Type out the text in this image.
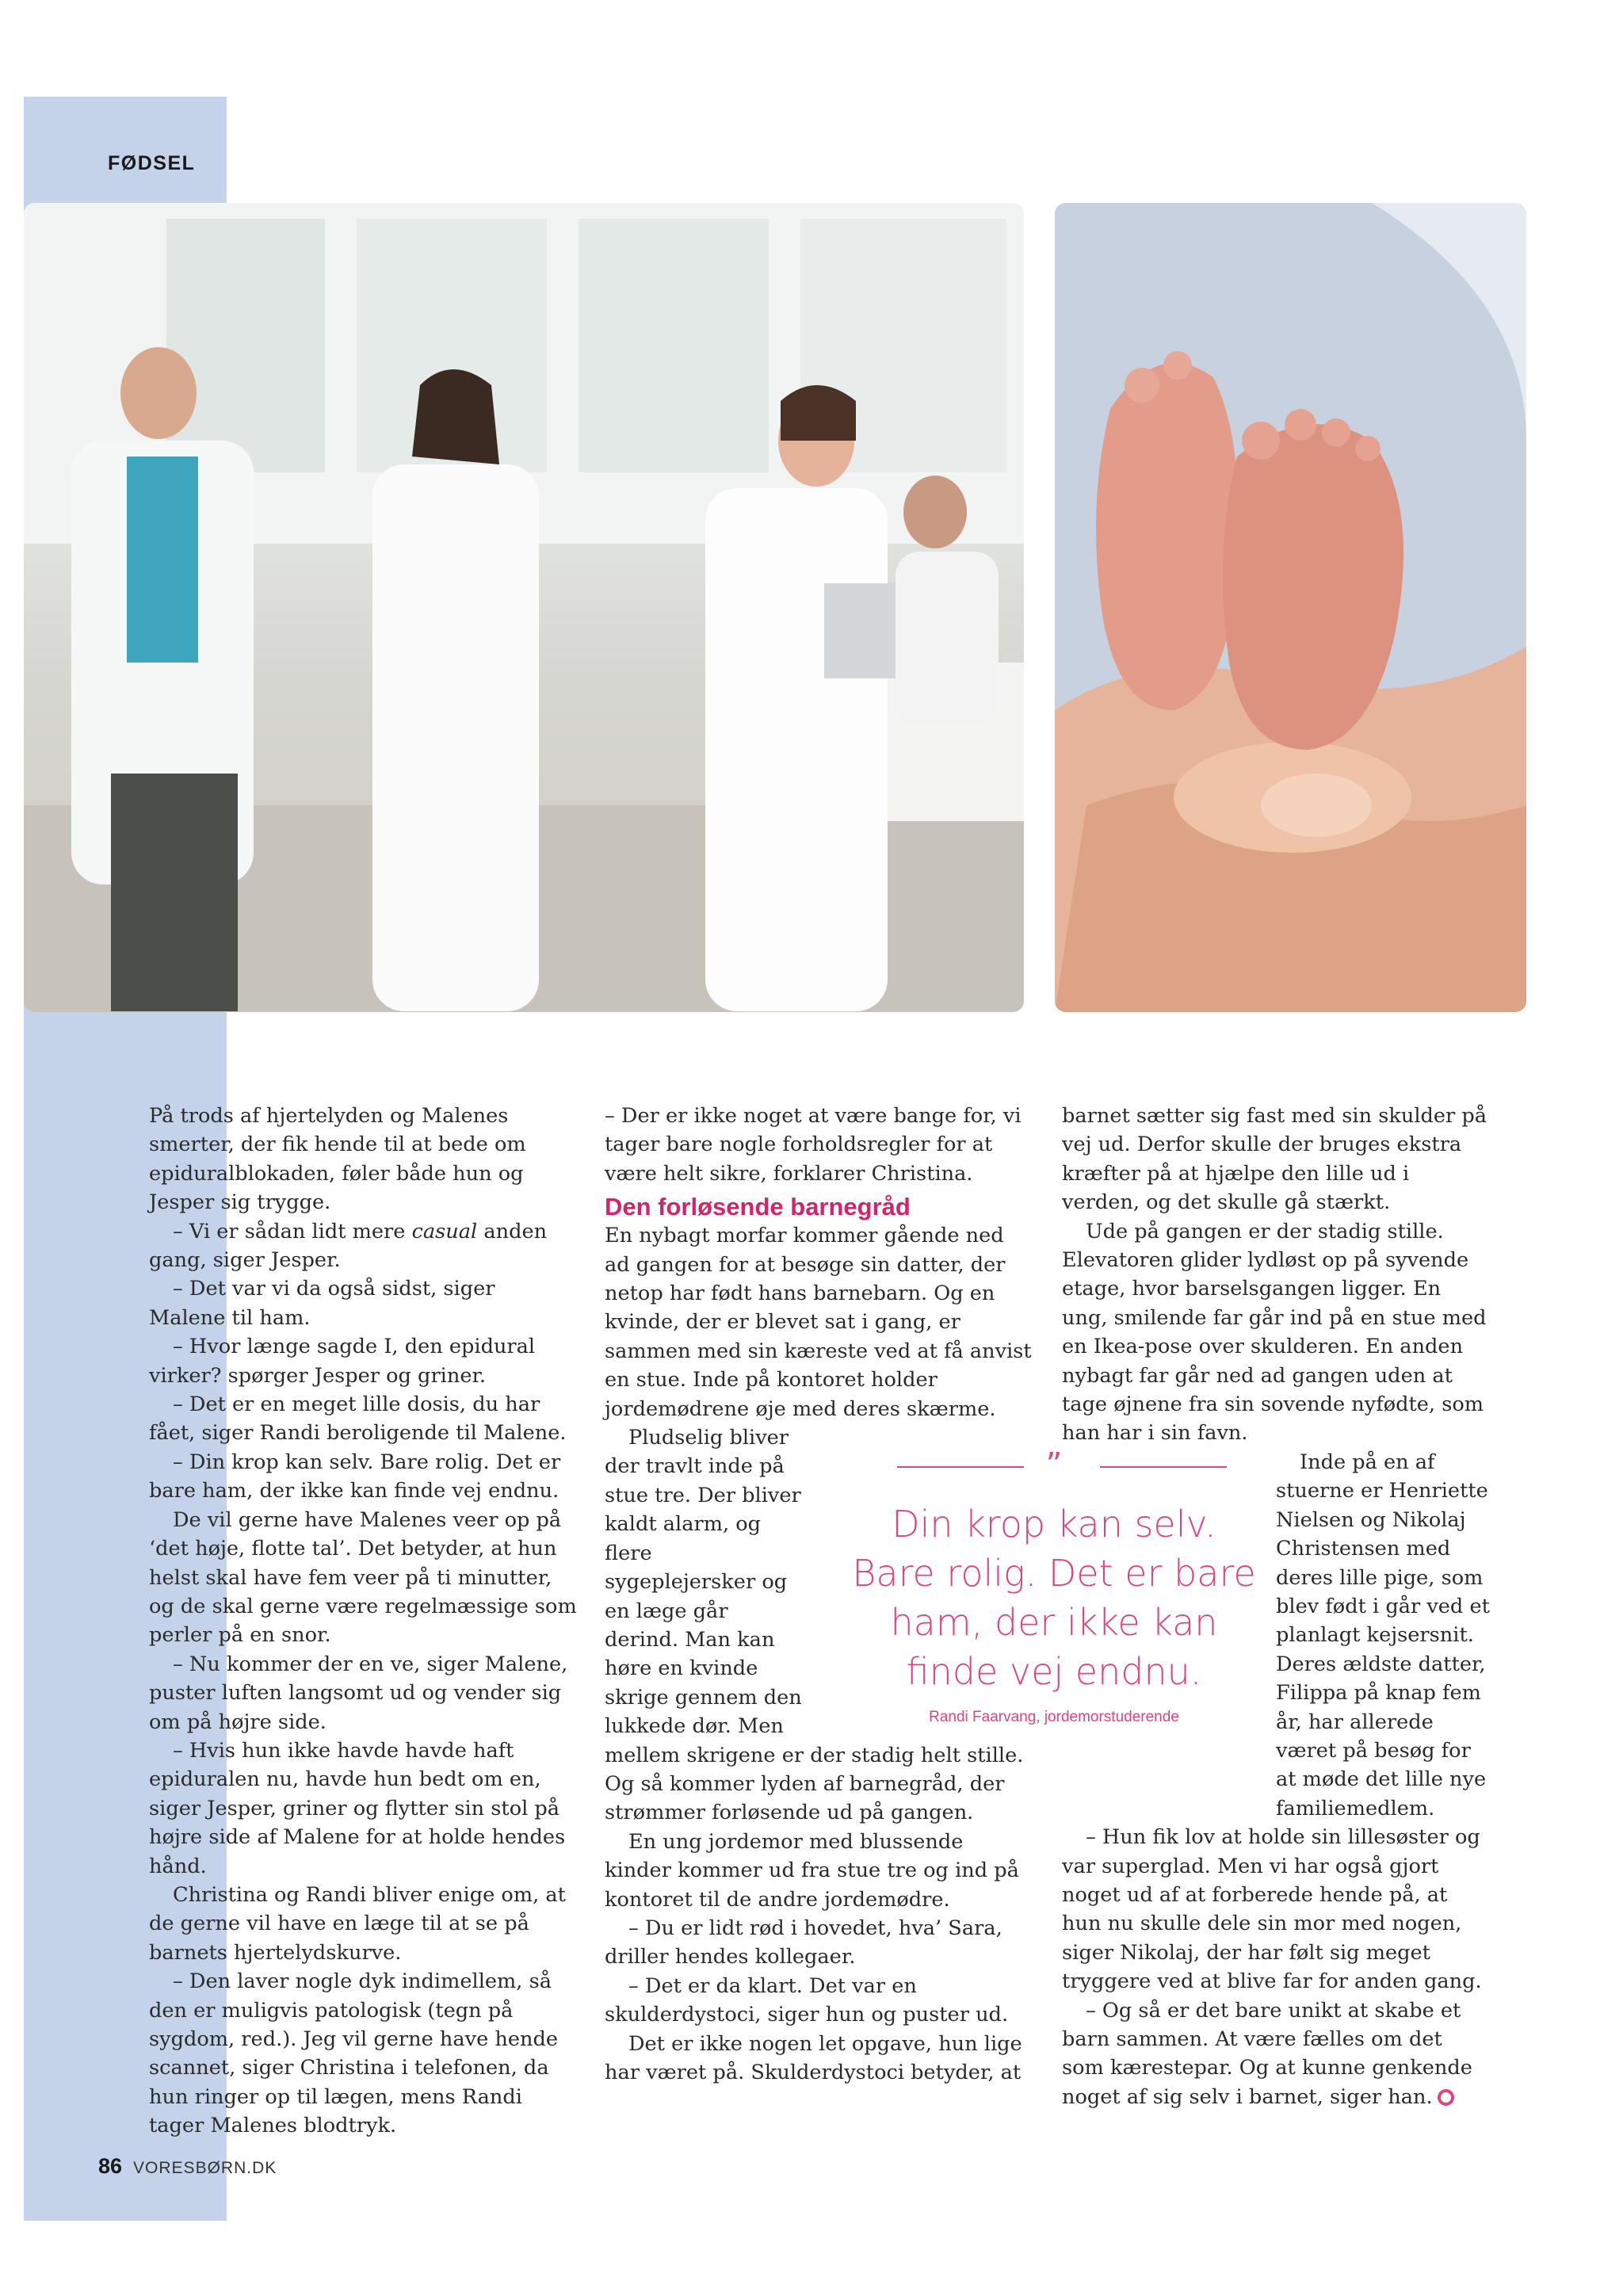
FØDSEL

På trods af hjertelyden og Malenes smerter, der fik hende til at bede om epiduralblokaden, føler både hun og Jesper sig trygge.

– Vi er sådan lidt mere casual anden gang, siger Jesper.

– Det var vi da også sidst, siger Malene til ham.

– Hvor længe sagde I, den epidural virker? spørger Jesper og griner.

– Det er en meget lille dosis, du har fået, siger Randi beroligende til Malene.

– Din krop kan selv. Bare rolig. Det er bare ham, der ikke kan finde vej endnu.

De vil gerne have Malenes veer op på ‘det høje, flotte tal’. Det betyder, at hun helst skal have fem veer på ti minutter, og de skal gerne være regelmæssige som perler på en snor.

– Nu kommer der en ve, siger Malene, puster luften langsomt ud og vender sig om på højre side.

– Hvis hun ikke havde havde haft epiduralen nu, havde hun bedt om en, siger Jesper, griner og flytter sin stol på højre side af Malene for at holde hendes hånd.

Christina og Randi bliver enige om, at de gerne vil have en læge til at se på barnets hjertelydskurve.

– Den laver nogle dyk indimellem, så den er muligvis patologisk (tegn på sygdom, red.). Jeg vil gerne have hende scannet, siger Christina i telefonen, da hun ringer op til lægen, mens Randi tager Malenes blodtryk.

– Der er ikke noget at være bange for, vi tager bare nogle forholdsregler for at være helt sikre, forklarer Christina.

Den forløsende barnegråd

En nybagt morfar kommer gående ned ad gangen for at besøge sin datter, der netop har født hans barnebarn. Og en kvinde, der er blevet sat i gang, er sammen med sin kæreste ved at få anvist en stue. Inde på kontoret holder jordemødrene øje med deres skærme.

Pludselig bliver der travlt inde på stue tre. Der bliver kaldt alarm, og flere sygeplejersker og en læge går derind. Man kan høre en kvinde skrige gennem den lukkede dør. Men mellem skrigene er der stadig helt stille. Og så kommer lyden af barnegråd, der strømmer forløsende ud på gangen.

En ung jordemor med blussende kinder kommer ud fra stue tre og ind på kontoret til de andre jordemødre.

– Du er lidt rød i hovedet, hva’ Sara, driller hendes kollegaer.

– Det er da klart. Det var en skulderdystoci, siger hun og puster ud.

Det er ikke nogen let opgave, hun lige har været på. Skulderdystoci betyder, at

barnet sætter sig fast med sin skulder på vej ud. Derfor skulle der bruges ekstra kræfter på at hjælpe den lille ud i verden, og det skulle gå stærkt.

Ude på gangen er der stadig stille. Elevatoren glider lydløst op på syvende etage, hvor barselsgangen ligger. En ung, smilende far går ind på en stue med en Ikea-pose over skulderen. En anden nybagt far går ned ad gangen uden at tage øjnene fra sin sovende nyfødte, som han har i sin favn.

Inde på en af stuerne er Henriette Nielsen og Nikolaj Christensen med deres lille pige, som blev født i går ved et planlagt kejsersnit. Deres ældste datter, Filippa på knap fem år, har allerede været på besøg for at møde det lille nye familiemedlem.

– Hun fik lov at holde sin lillesøster og var superglad. Men vi har også gjort noget ud af at forberede hende på, at hun nu skulle dele sin mor med nogen, siger Nikolaj, der har følt sig meget tryggere ved at blive far for anden gang.

– Og så er det bare unikt at skabe et barn sammen. At være fælles om det som kærestepar. Og at kunne genkende noget af sig selv i barnet, siger han.

”
Din krop kan selv. Bare rolig. Det er bare ham, der ikke kan finde vej endnu.
Randi Faarvang, jordemorstuderende
86 VORESBØRN.DK
